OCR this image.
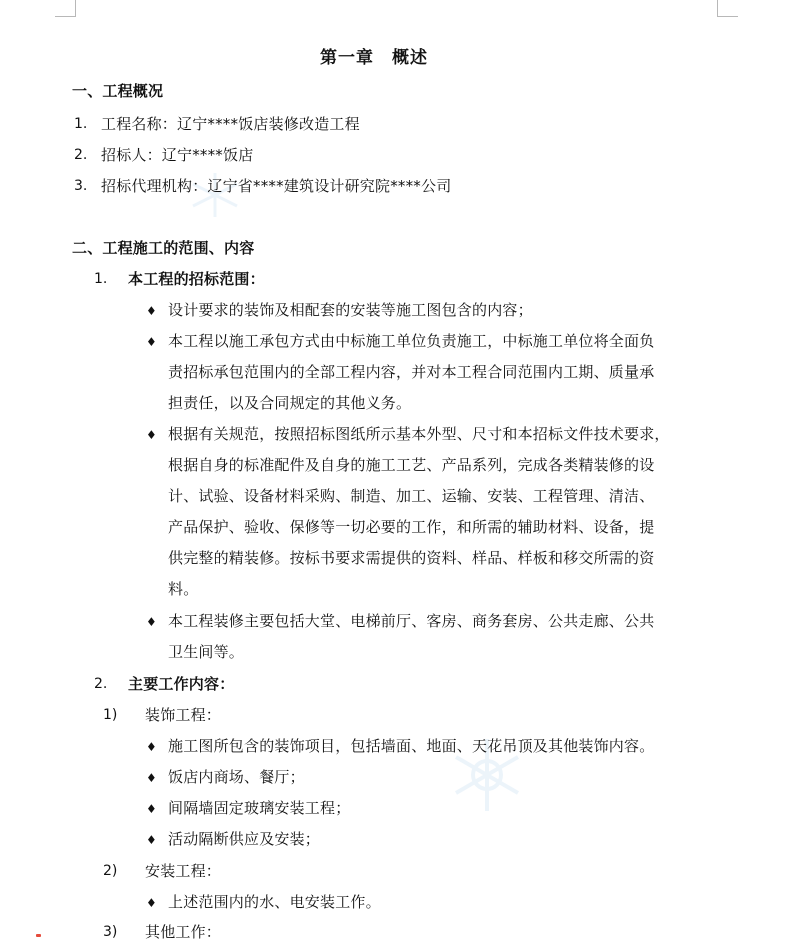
第一章　概述
一、工程概况
1. 工程名称：辽宁****饭店装修改造工程
2. 招标人：辽宁****饭店
3. 招标代理机构：辽宁省****建筑设计研究院****公司
二、工程施工的范围、内容
1. 本工程的招标范围：
♦ 设计要求的装饰及相配套的安装等施工图包含的内容；
♦ 本工程以施工承包方式由中标施工单位负责施工，中标施工单位将全面负
责招标承包范围内的全部工程内容，并对本工程合同范围内工期、质量承
担责任，以及合同规定的其他义务。
♦ 根据有关规范，按照招标图纸所示基本外型、尺寸和本招标文件技术要求，
根据自身的标准配件及自身的施工工艺、产品系列，完成各类精装修的设
计、试验、设备材料采购、制造、加工、运输、安装、工程管理、清洁、
产品保护、验收、保修等一切必要的工作，和所需的辅助材料、设备，提
供完整的精装修。按标书要求需提供的资料、样品、样板和移交所需的资
料。
♦ 本工程装修主要包括大堂、电梯前厅、客房、商务套房、公共走廊、公共
卫生间等。
2. 主要工作内容：
1) 装饰工程：
♦ 施工图所包含的装饰项目，包括墙面、地面、天花吊顶及其他装饰内容。
♦ 饭店内商场、餐厅；
♦ 间隔墙固定玻璃安装工程；
♦ 活动隔断供应及安装；
2) 安装工程：
♦ 上述范围内的水、电安装工作。
3) 其他工作：
